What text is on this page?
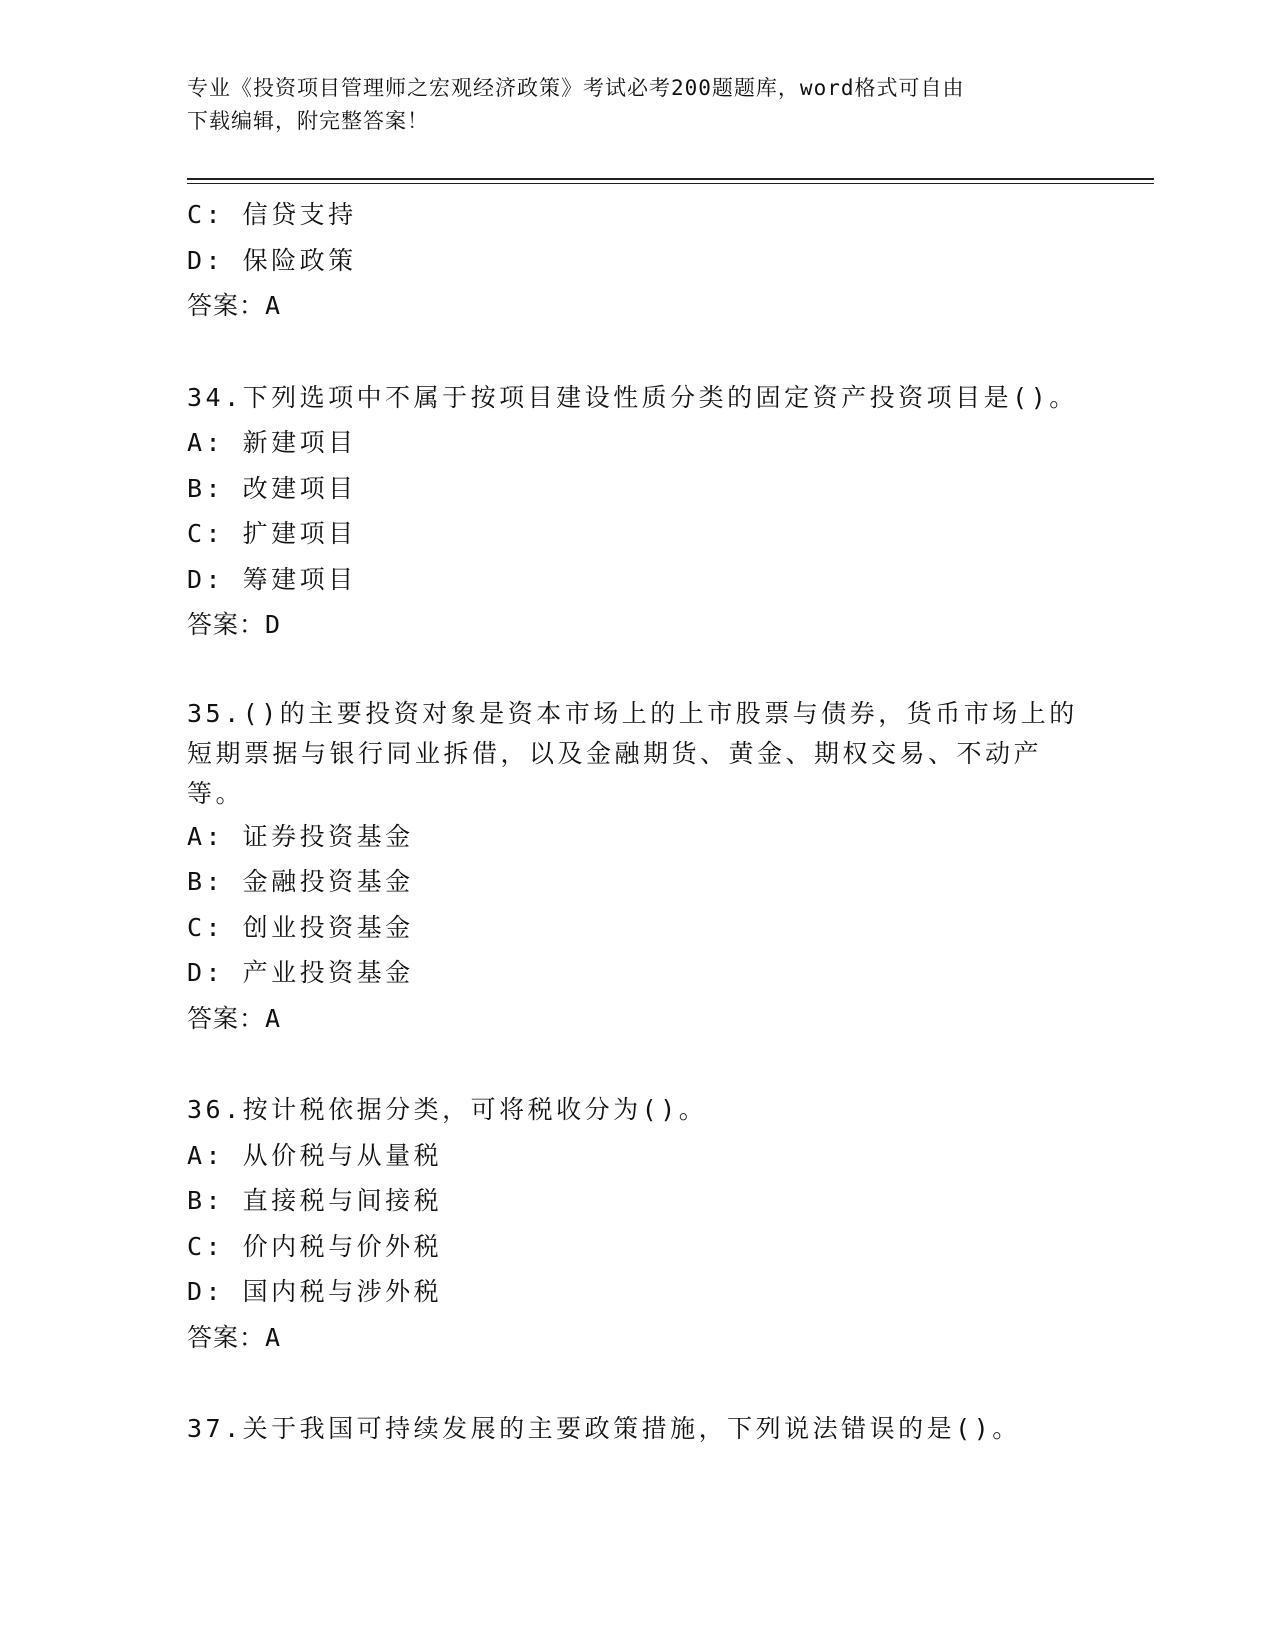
专业《投资项目管理师之宏观经济政策》考试必考200题题库，word格式可自由
下载编辑，附完整答案！
C: 信贷支持
D: 保险政策
答案：A
34.下列选项中不属于按项目建设性质分类的固定资产投资项目是()。
A: 新建项目
B: 改建项目
C: 扩建项目
D: 筹建项目
答案：D
35.()的主要投资对象是资本市场上的上市股票与债券，货币市场上的
短期票据与银行同业拆借，以及金融期货、黄金、期权交易、不动产
等。
A: 证券投资基金
B: 金融投资基金
C: 创业投资基金
D: 产业投资基金
答案：A
36.按计税依据分类，可将税收分为()。
A: 从价税与从量税
B: 直接税与间接税
C: 价内税与价外税
D: 国内税与涉外税
答案：A
37.关于我国可持续发展的主要政策措施，下列说法错误的是()。
